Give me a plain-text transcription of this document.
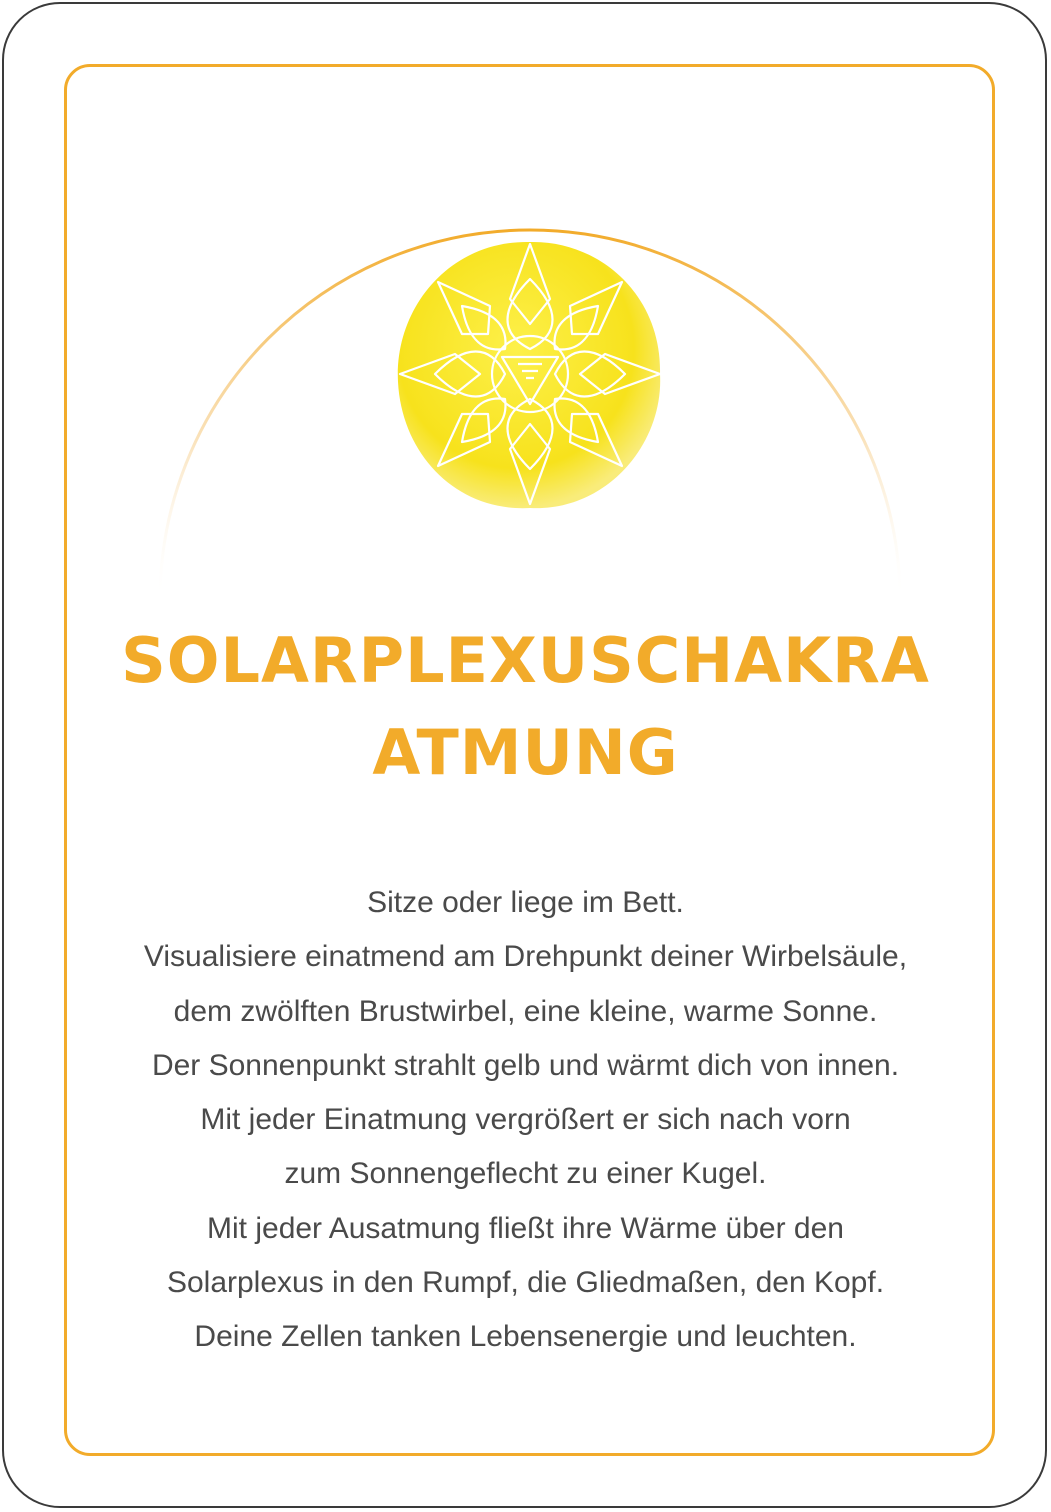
SOLARPLEXUSCHAKRA
ATMUNG

Sitze oder liege im Bett.

Visualisiere einatmend am Drehpunkt deiner Wirbelsäule,

dem zwölften Brustwirbel, eine kleine, warme Sonne.

Der Sonnenpunkt strahlt gelb und wärmt dich von innen.

Mit jeder Einatmung vergrößert er sich nach vorn

zum Sonnengeflecht zu einer Kugel.

Mit jeder Ausatmung fließt ihre Wärme über den

Solarplexus in den Rumpf, die Gliedmaßen, den Kopf.

Deine Zellen tanken Lebensenergie und leuchten.
